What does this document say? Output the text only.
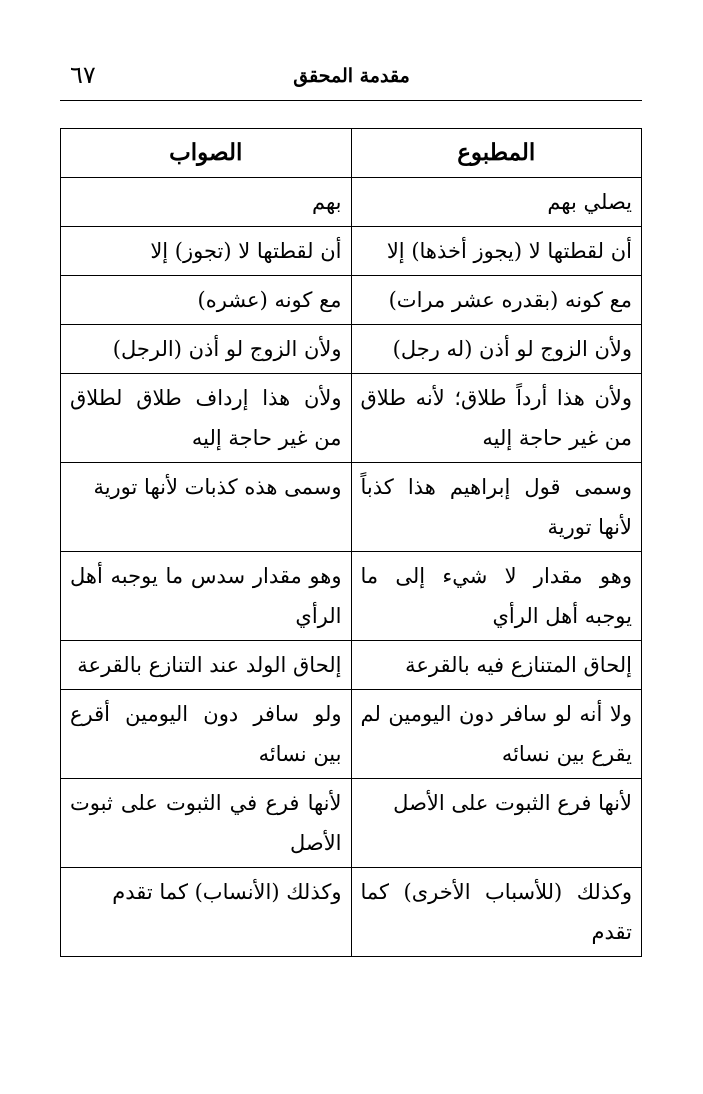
٦٧	مقدمة المحقق
المطبوع	الصواب
يصلي بهم	بهم
أن لقطتها لا (يجوز أخذها) إلا	أن لقطتها لا (تجوز) إلا
مع كونه (بقدره عشر مرات)	مع كونه (عشره)
ولأن الزوج لو أذن (له رجل)	ولأن الزوج لو أذن (الرجل)
ولأن هذا أرداً طلاق؛ لأنه طلاق من غير حاجة إليه	ولأن هذا إرداف طلاق لطلاق من غير حاجة إليه
وسمى قول إبراهيم هذا كذباً لأنها تورية	وسمى هذه كذبات لأنها تورية
وهو مقدار لا شيء إلى ما يوجبه أهل الرأي	وهو مقدار سدس ما يوجبه أهل الرأي
إلحاق المتنازع فيه بالقرعة	إلحاق الولد عند التنازع بالقرعة
ولا أنه لو سافر دون اليومين لم يقرع بين نسائه	ولو سافر دون اليومين أقرع بين نسائه
لأنها فرع الثبوت على الأصل	لأنها فرع في الثبوت على ثبوت الأصل
وكذلك (للأسباب الأخرى) كما تقدم	وكذلك (الأنساب) كما تقدم
